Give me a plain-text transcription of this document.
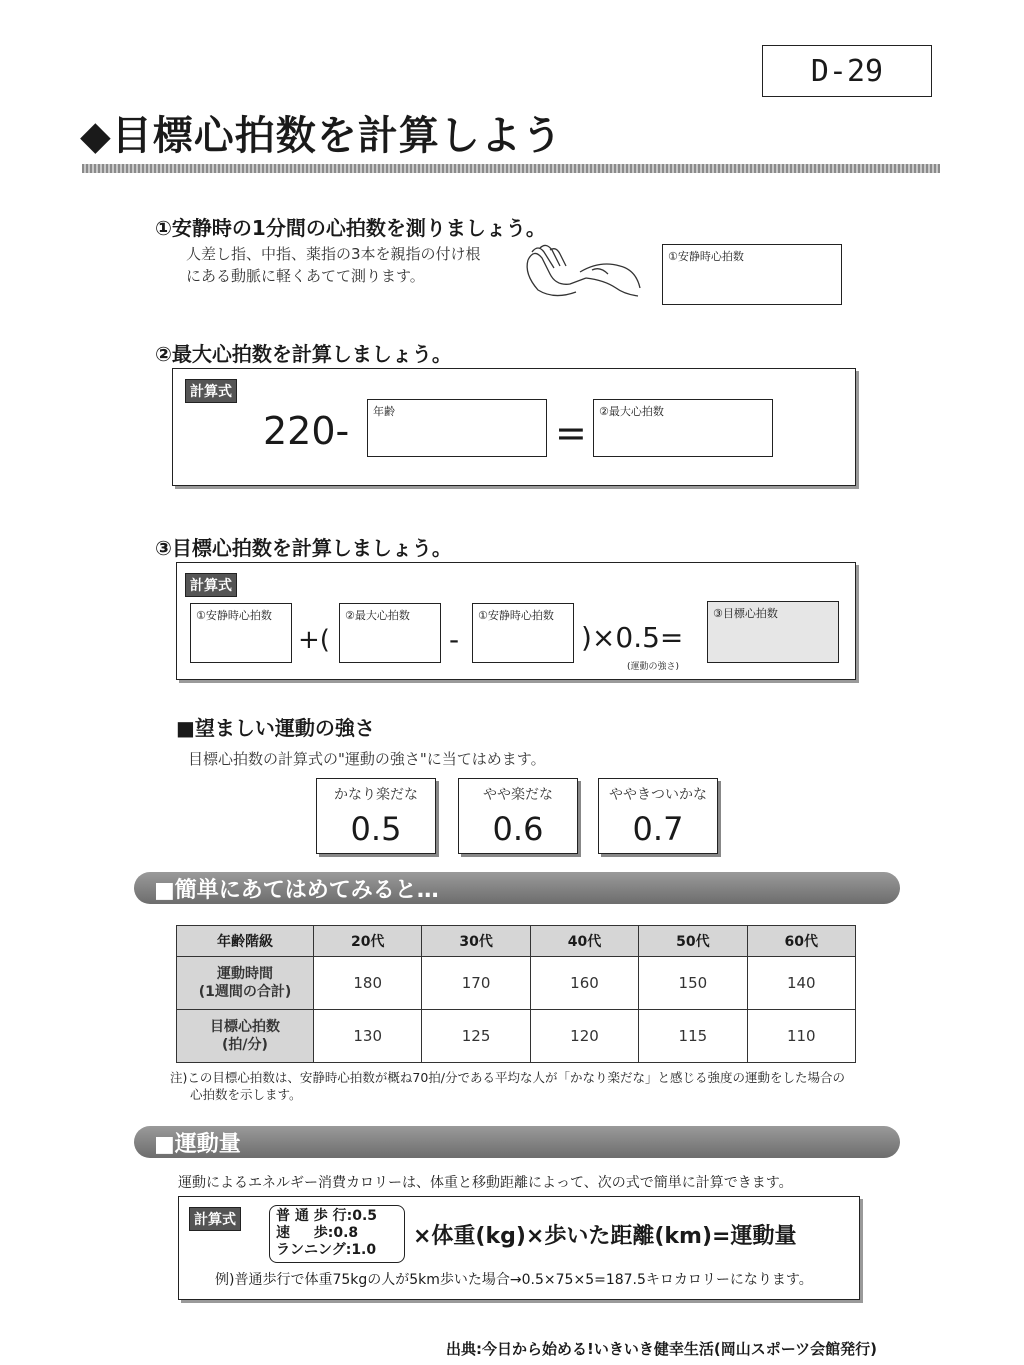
D-29
◆目標心拍数を計算しよう
①安静時の1分間の心拍数を測りましょう。
人差し指、中指、薬指の3本を親指の付け根
にある動脈に軽くあてて測ります。
①安静時心拍数
②最大心拍数を計算しましょう。
計算式
220- 年齢	= ②最大心拍数
③目標心拍数を計算しましょう。
計算式
①安静時心拍数
+(
②最大心拍数
-
①安静時心拍数
)×0.5=
(運動の強さ)
③目標心拍数
■望ましい運動の強さ
目標心拍数の計算式の"運動の強さ"に当てはめます。
かなり楽だな
0.5
やや楽だな
0.6
ややきついかな
0.7
■簡単にあてはめてみると…
年齢階級	20代	30代	40代	50代	60代

運動時間
(1週間の合計)	180	170	160	150	140

目標心拍数
(拍/分)	130	125	120	115	110
注)この目標心拍数は、安静時心拍数が概ね70拍/分である平均な人が「かなり楽だな」と感じる強度の運動をした場合の
心拍数を示します。
■運動量
運動によるエネルギー消費カロリーは、体重と移動距離によって、次の式で簡単に計算できます。
計算式	普 通 歩 行:0.5
速 　 歩:0.8
ランニング:1.0
×体重(kg)×歩いた距離(km)=運動量
例)普通歩行で体重75kgの人が5km歩いた場合→0.5×75×5=187.5キロカロリーになります。
出典:今日から始める!いきいき健幸生活(岡山スポーツ会館発行)
